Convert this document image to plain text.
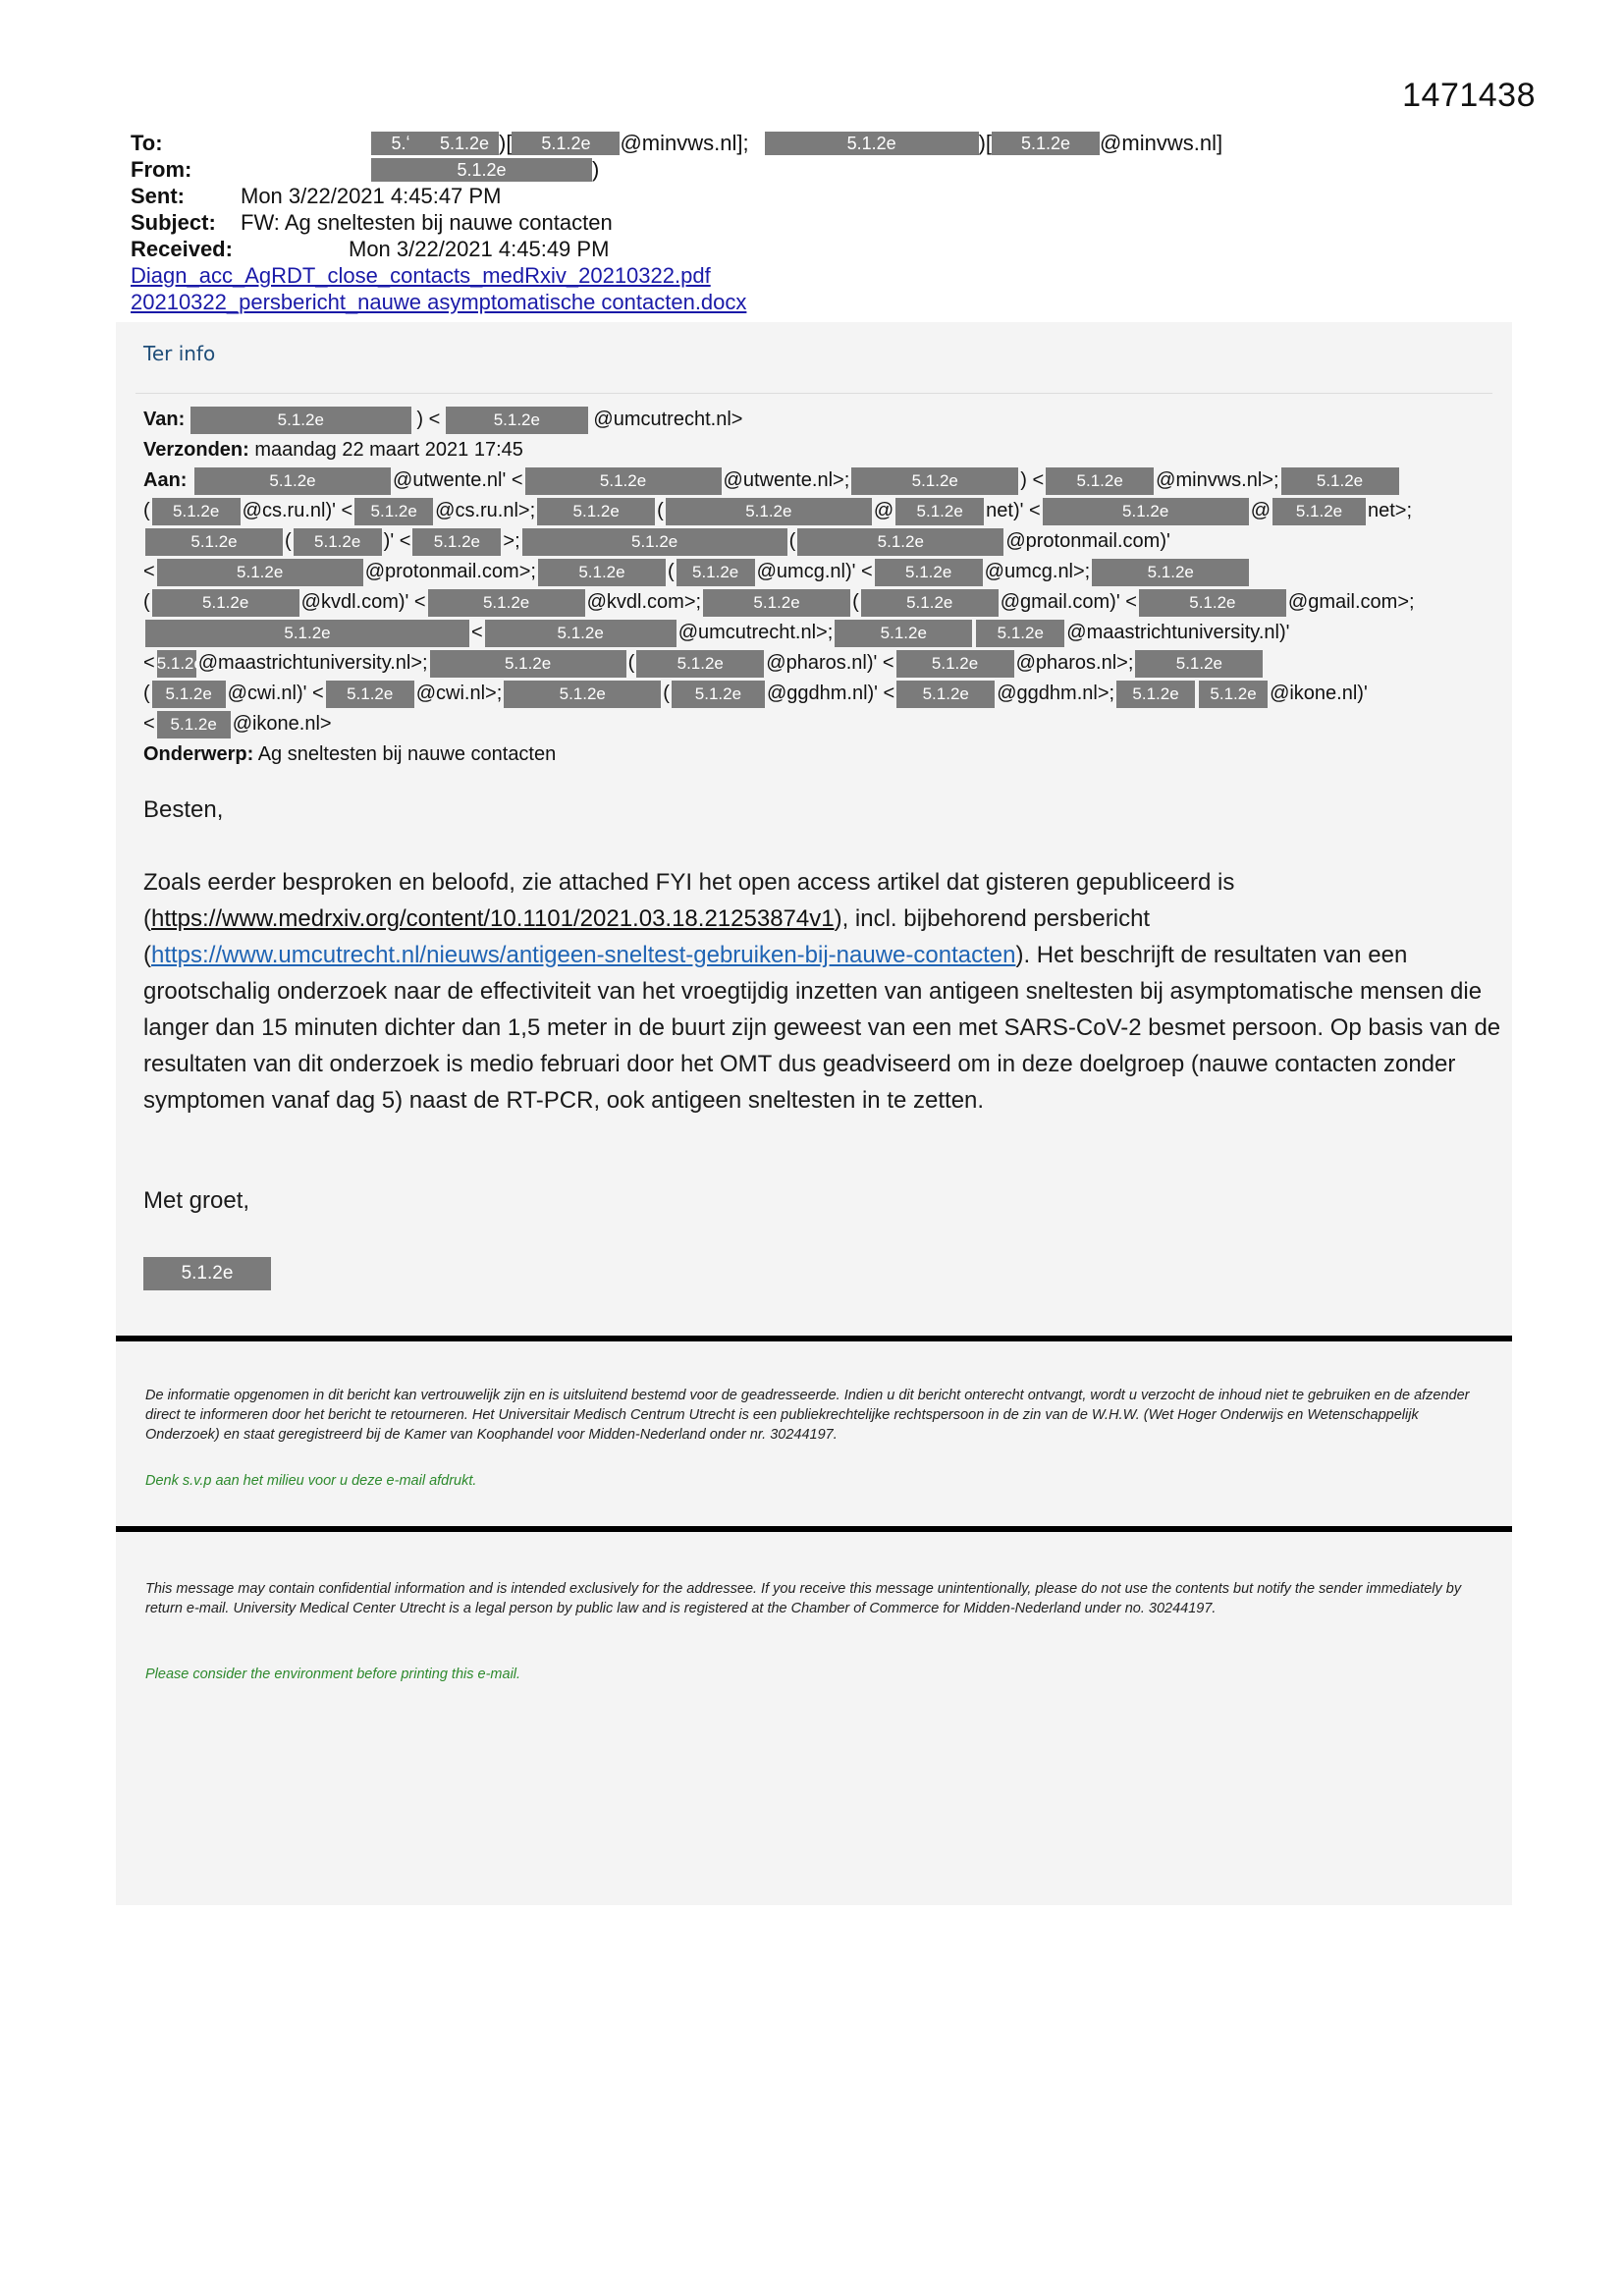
1471438
To:	5.ʻ	5.1.2e )[	5.1.2e	@minvws.nl];	5.1.2e	)[	5.1.2e	@minvws.nl]
From:	5.1.2e	)
Sent:	Mon 3/22/2021 4:45:47 PM
Subject:	FW: Ag sneltesten bij nauwe contacten
Received:	Mon 3/22/2021 4:45:49 PM
Diagn_acc_AgRDT_close_contacts_medRxiv_20210322.pdf
20210322_persbericht_nauwe asymptomatische contacten.docx
Ter info
Van:	5.1.2e	) <	5.1.2e	@umcutrecht.nl>
Verzonden: maandag 22 maart 2021 17:45
Aan:	5.1.2e	@utwente.nl' <	5.1.2e	@utwente.nl>;	5.1.2e	) < 5.1.2e @minvws.nl>; 5.1.2e
( 5.1.2e @cs.ru.nl)' < 5.1.2e @cs.ru.nl>; 5.1.2e (	5.1.2e	@ 5.1.2e net)' <	5.1.2e	@ 5.1.2e net>;
5.1.2e ( 5.1.2e )' < 5.1.2e >;	5.1.2e	(	5.1.2e	@protonmail.com)'
<	5.1.2e	@protonmail.com>;	5.1.2e ( 5.1.2e @umcg.nl)' < 5.1.2e @umcg.nl>;	5.1.2e
(	5.1.2e	@kvdl.com)' <	5.1.2e	@kvdl.com>;	5.1.2e	(	5.1.2e @gmail.com)' <	5.1.2e	@gmail.com>;
5.1.2e	<	5.1.2e	@umcutrecht.nl>;	5.1.2e	5.1.2e @maastrichtuniversity.nl)'
< 5.1.2e@maastrichtuniversity.nl>;	5.1.2e	(	5.1.2e @pharos.nl)' < 5.1.2e @pharos.nl>;	5.1.2e
( 5.1.2e @cwi.nl)' < 5.1.2e @cwi.nl>;	5.1.2e	( 5.1.2e @ggdhm.nl)' < 5.1.2e @ggdhm.nl>; 5.1.2e 5.1.2e @ikone.nl)'
< 5.1.2e @ikone.nl>
Onderwerp: Ag sneltesten bij nauwe contacten
Besten,
Zoals eerder besproken en beloofd, zie attached FYI het open access artikel dat gisteren gepubliceerd is (https://www.medrxiv.org/content/10.1101/2021.03.18.21253874v1), incl. bijbehorend persbericht (https://www.umcutrecht.nl/nieuws/antigeen-sneltest-gebruiken-bij-nauwe-contacten). Het beschrijft de resultaten van een grootschalig onderzoek naar de effectiviteit van het vroegtijdig inzetten van antigeen sneltesten bij asymptomatische mensen die langer dan 15 minuten dichter dan 1,5 meter in de buurt zijn geweest van een met SARS-CoV-2 besmet persoon. Op basis van de resultaten van dit onderzoek is medio februari door het OMT dus geadviseerd om in deze doelgroep (nauwe contacten zonder symptomen vanaf dag 5) naast de RT-PCR, ook antigeen sneltesten in te zetten.
Met groet,
5.1.2e
De informatie opgenomen in dit bericht kan vertrouwelijk zijn en is uitsluitend bestemd voor de geadresseerde. Indien u dit bericht onterecht ontvangt, wordt u verzocht de inhoud niet te gebruiken en de afzender direct te informeren door het bericht te retourneren. Het Universitair Medisch Centrum Utrecht is een publiekrechtelijke rechtspersoon in de zin van de W.H.W. (Wet Hoger Onderwijs en Wetenschappelijk Onderzoek) en staat geregistreerd bij de Kamer van Koophandel voor Midden-Nederland onder nr. 30244197.
Denk s.v.p aan het milieu voor u deze e-mail afdrukt.
This message may contain confidential information and is intended exclusively for the addressee. If you receive this message unintentionally, please do not use the contents but notify the sender immediately by return e-mail. University Medical Center Utrecht is a legal person by public law and is registered at the Chamber of Commerce for Midden-Nederland under no. 30244197.
Please consider the environment before printing this e-mail.
